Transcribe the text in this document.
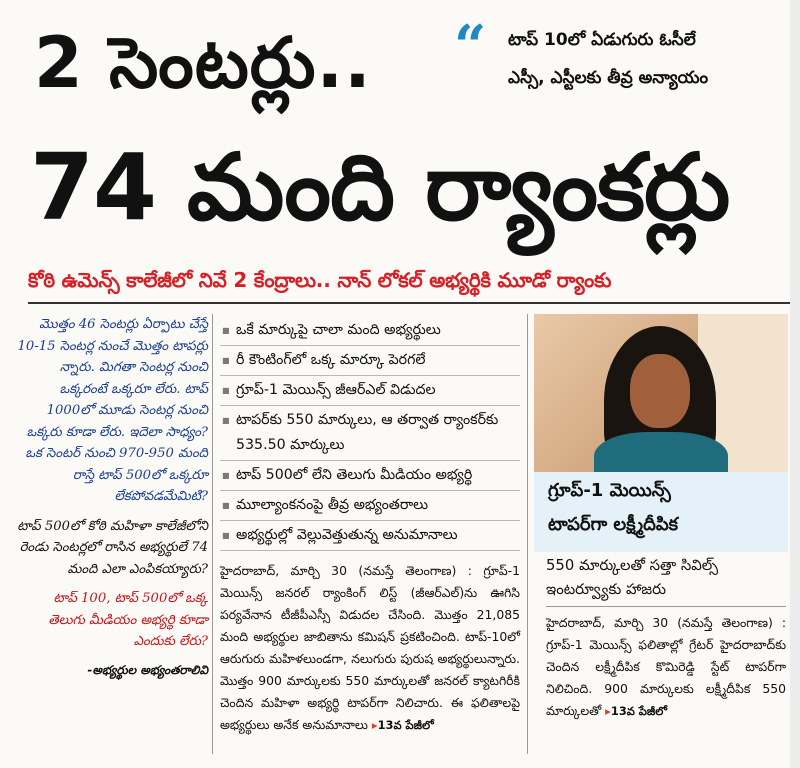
2 సెంటర్లు..
74 మంది ర్యాంకర్లు
“ టాప్ 10లో ఏడుగురు ఓసీలే
ఎస్సీ, ఎస్టీలకు తీవ్ర అన్యాయం
కోఠి ఉమెన్స్ కాలేజీలో నివే 2 కేంద్రాలు.. నాన్ లోకల్ అభ్యర్థికి మూడో ర్యాంకు
మొత్తం 46 సెంటర్లు ఏర్పాటు చేస్తే 10-15 సెంటర్ల నుంచే మొత్తం టాపర్లు న్నారు. మిగతా సెంటర్ల నుంచి ఒక్కరంటే ఒక్కరూ లేరు. టాప్ 1000లో మూడు సెంటర్ల నుంచి ఒక్కరు కూడా లేరు. ఇదెలా సాధ్యం? ఒక సెంటర్ నుంచి 970-950 మంది రాస్తే టాప్ 500లో ఒక్కరూ లేకపోవడమేమిటి?
టాప్ 500లో కోఠి మహిళా కాలేజీలోని రెండు సెంటర్లలో రాసిన అభ్యర్థులే 74 మంది ఎలా ఎంపికయ్యారు?
టాప్ 100, టాప్ 500లో ఒక్క తెలుగు మీడియం అభ్యర్థి కూడా ఎందుకు లేరు?
-అభ్యర్థుల అభ్యంతరాలివి
■ ఒకే మార్కుపై చాలా మంది అభ్యర్థులు
■ రీ కౌంటింగ్‌లో ఒక్క మార్కూ పెరగలే
■ గ్రూప్-1 మెయిన్స్ జీఆర్ఎల్ విడుదల
■ టాపర్‌కు 550 మార్కులు, ఆ తర్వాత ర్యాంకర్‌కు 535.50 మార్కులు
■ టాప్ 500లో లేని తెలుగు మీడియం అభ్యర్థి
■ మూల్యాంకనంపై తీవ్ర అభ్యంతరాలు
■ అభ్యర్థుల్లో వెల్లువెత్తుతున్న అనుమానాలు
హైదరాబాద్, మార్చి 30 (నమస్తే తెలంగాణ) : గ్రూప్-1 మెయిన్స్ జనరల్ ర్యాంకింగ్ లిస్ట్ (జీఆర్ఎల్)ను ఊగిసి పర్యవేనాన టీజీపీఎస్సీ విడుదల చేసింది. మొత్తం 21,085 మంది అభ్యర్థుల జాబితాను కమిషన్ ప్రకటించింది. టాప్-10లో ఆరుగురు మహిళలుండగా, నలుగురు పురుష అభ్యర్థులున్నారు. మొత్తం 900 మార్కులకు 550 మార్కులతో జనరల్ క్యాటగిరీకి చెందిన మహిళా అభ్యర్థి టాపర్‌గా నిలిచారు. ఈ ఫలితాలపై అభ్యర్థులు అనేక అనుమానాలు ▸13వ పేజీలో
గ్రూప్-1 మెయిన్స్
టాపర్‌గా లక్ష్మీదీపిక
550 మార్కులతో సత్తా సివిల్స్ ఇంటర్వ్యూకు హాజరు
హైదరాబాద్, మార్చి 30 (నమస్తే తెలంగాణ) : గ్రూప్-1 మెయిన్స్ ఫలితాల్లో గ్రేటర్ హైదరాబాద్‌కు చెందిన లక్ష్మీదీపిక కొమిరెడ్డి స్టేట్ టాపర్‌గా నిలిచింది. 900 మార్కులకు లక్ష్మీదీపిక 550 మార్కులతో ▸13వ పేజీలో
